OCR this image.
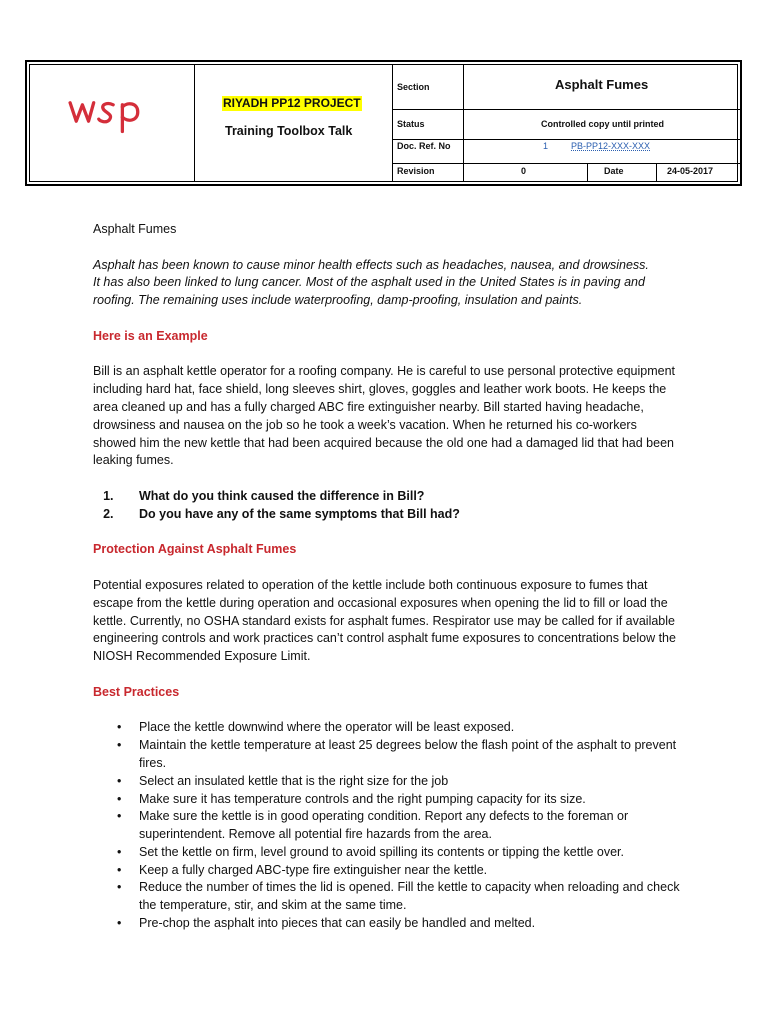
RIYADH PP12 PROJECT
Training Toolbox Talk
Section	Asphalt Fumes
Status	Controlled copy until printed
Doc. Ref. No	1	PB-PP12-XXX-XXX
Revision	0	Date	24-05-2017

Asphalt Fumes

Asphalt has been known to cause minor health effects such as headaches, nausea, and drowsiness.

It has also been linked to lung cancer. Most of the asphalt used in the United States is in paving and roofing. The remaining uses include waterproofing, damp-proofing, insulation and paints.

Here is an Example

Bill is an asphalt kettle operator for a roofing company. He is careful to use personal protective equipment including hard hat, face shield, long sleeves shirt, gloves, goggles and leather work boots. He keeps the area cleaned up and has a fully charged ABC fire extinguisher nearby. Bill started having headache, drowsiness and nausea on the job so he took a week’s vacation. When he returned his co-workers showed him the new kettle that had been acquired because the old one had a damaged lid that had been leaking fumes.

1. What do you think caused the difference in Bill?
2. Do you have any of the same symptoms that Bill had?

Protection Against Asphalt Fumes

Potential exposures related to operation of the kettle include both continuous exposure to fumes that escape from the kettle during operation and occasional exposures when opening the lid to fill or load the kettle. Currently, no OSHA standard exists for asphalt fumes. Respirator use may be called for if available engineering controls and work practices can’t control asphalt fume exposures to concentrations below the NIOSH Recommended Exposure Limit.

Best Practices

• Place the kettle downwind where the operator will be least exposed.
• Maintain the kettle temperature at least 25 degrees below the flash point of the asphalt to prevent fires.
• Select an insulated kettle that is the right size for the job
• Make sure it has temperature controls and the right pumping capacity for its size.
• Make sure the kettle is in good operating condition. Report any defects to the foreman or superintendent. Remove all potential fire hazards from the area.
• Set the kettle on firm, level ground to avoid spilling its contents or tipping the kettle over.
• Keep a fully charged ABC-type fire extinguisher near the kettle.
• Reduce the number of times the lid is opened. Fill the kettle to capacity when reloading and check the temperature, stir, and skim at the same time.
• Pre-chop the asphalt into pieces that can easily be handled and melted.
